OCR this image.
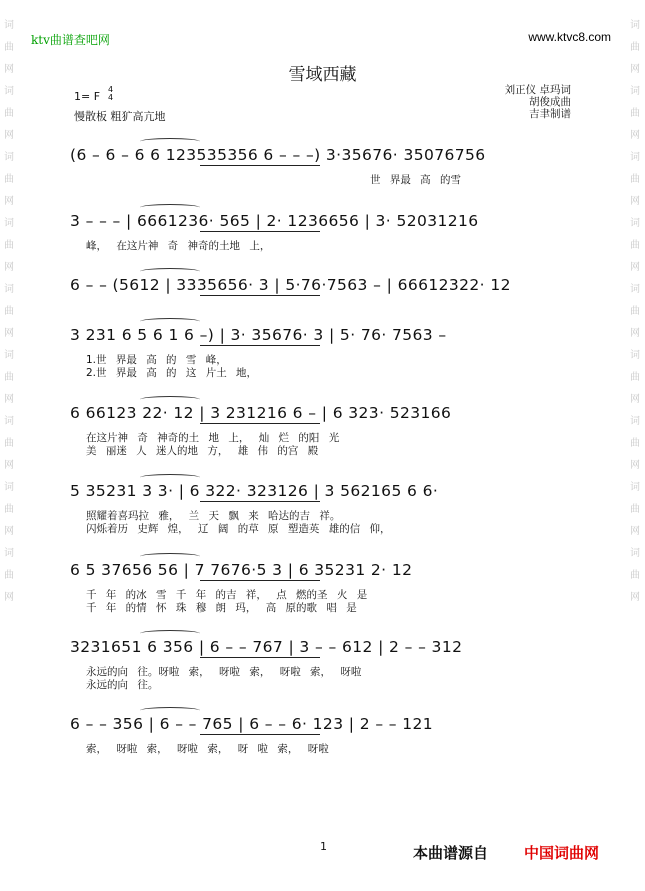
词
曲
网
词
曲
网
词
曲
网
词
曲
网
词
曲
网
词
曲
网
词
曲
网
词
曲
网
词
曲
网
词
曲
网
词
曲
网
词
曲
网
词
曲
网
词
曲
网
词
曲
网
词
曲
网
词
曲
网
词
曲
网
ktv曲谱查吧网	www.ktvc8.com
雪域西藏
1= F
4
4
慢散板 粗犷高亢地
刘正仪 卓玛词
胡俊成曲
吉聿制谱
(6 – 6 – 6 6 123535356 6 – – –) 3·35676· 35076756
世 界最 高 的雪
3 – – – | 6661236· 565 | 2· 1236656 | 3· 52031216
峰， 在这片神 奇 神奇的土地 上，
6 – – (5612 | 3335656· 3 | 5·76·7563 – | 66612322· 12
3 231 6 5 6 1 6 –) | 3· 35676· 3 | 5· 76· 7563 –
1.世 界最 高 的 雪 峰，
2.世 界最 高 的 这 片土 地，
6 66123 22· 12 | 3 231216 6 – | 6 323· 523166
在这片神 奇 神奇的土 地 上， 灿 烂 的阳 光
美 丽迷 人 迷人的地 方， 雄 伟 的宫 殿
5 35231 3 3· | 6 322· 323126 | 3 562165 6 6·
照耀着喜玛拉 雅， 兰 天 飘 来 哈达的吉 祥。
闪烁着历 史辉 煌， 辽 阔 的草 原 塑造英 雄的信 仰，
6 5 37656 56 | 7 7676·5 3 | 6 35231 2· 12
千 年 的冰 雪 千 年 的吉 祥， 点 燃的圣 火 是
千 年 的情 怀 珠 穆 朗 玛， 高 原的歌 唱 是
3231651 6 356 | 6 – – 767 | 3 – – 612 | 2 – – 312
永远的向 往。呀啦 索， 呀啦 索， 呀啦 索， 呀啦
永远的向 往。
6 – – 356 | 6 – – 765 | 6 – – 6· 123 | 2 – – 121
索， 呀啦 索， 呀啦 索， 呀 啦 索， 呀啦
1	本曲谱源自 中国词曲网
